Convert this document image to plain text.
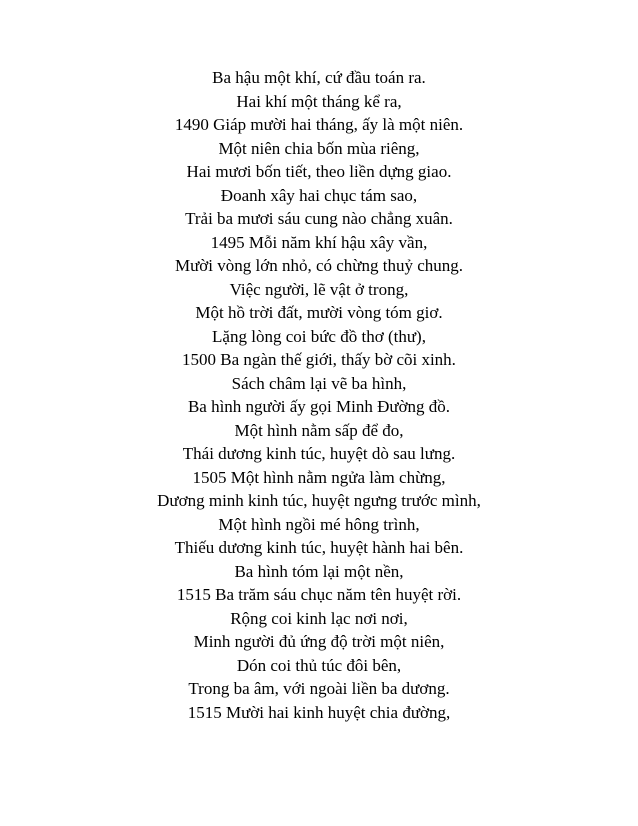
Ba hậu một khí, cứ đầu toán ra.
Hai khí một tháng kể ra,
1490 Giáp mười hai tháng, ấy là một niên.
Một niên chia bốn mùa riêng,
Hai mươi bốn tiết, theo liền dựng giao.
Đoanh xây hai chục tám sao,
Trải ba mươi sáu cung nào chẳng xuân.
1495 Mỗi năm khí hậu xây vần,
Mười vòng lớn nhỏ, có chừng thuỷ chung.
Việc người, lẽ vật ở trong,
Một hồ trời đất, mười vòng tóm giơ.
Lặng lòng coi bức đồ thơ (thư),
1500 Ba ngàn thế giới, thấy bờ cõi xinh.
Sách châm lại vẽ ba hình,
Ba hình người ấy gọi Minh Đường đồ.
Một hình nằm sấp để đo,
Thái dương kinh túc, huyệt dò sau lưng.
1505 Một hình nằm ngửa làm chừng,
Dương minh kinh túc, huyệt ngưng trước mình,
Một hình ngồi mé hông trình,
Thiếu dương kinh túc, huyệt hành hai bên.
Ba hình tóm lại một nền,
1515 Ba trăm sáu chục năm tên huyệt rời.
Rộng coi kinh lạc nơi nơi,
Minh người đủ ứng độ trời một niên,
Dón coi thủ túc đôi bên,
Trong ba âm, với ngoài liền ba dương.
1515 Mười hai kinh huyệt chia đường,
